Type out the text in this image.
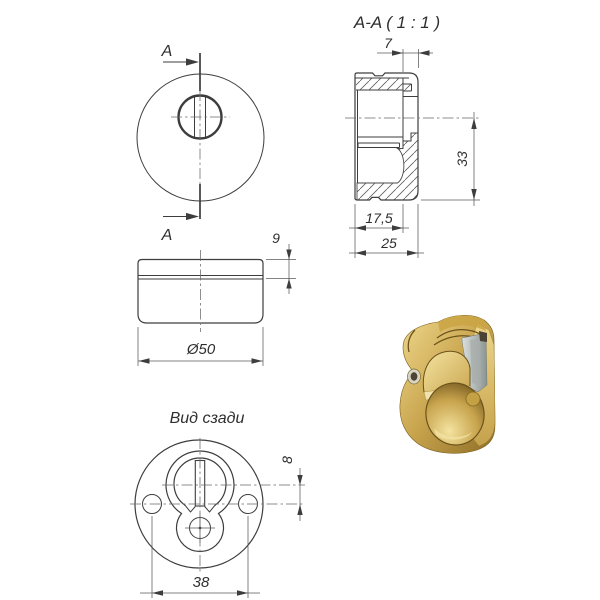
A
A
A-A ( 1 : 1 )
7
33
17,5
25
9
Ø50
Вид сзади
8
38
